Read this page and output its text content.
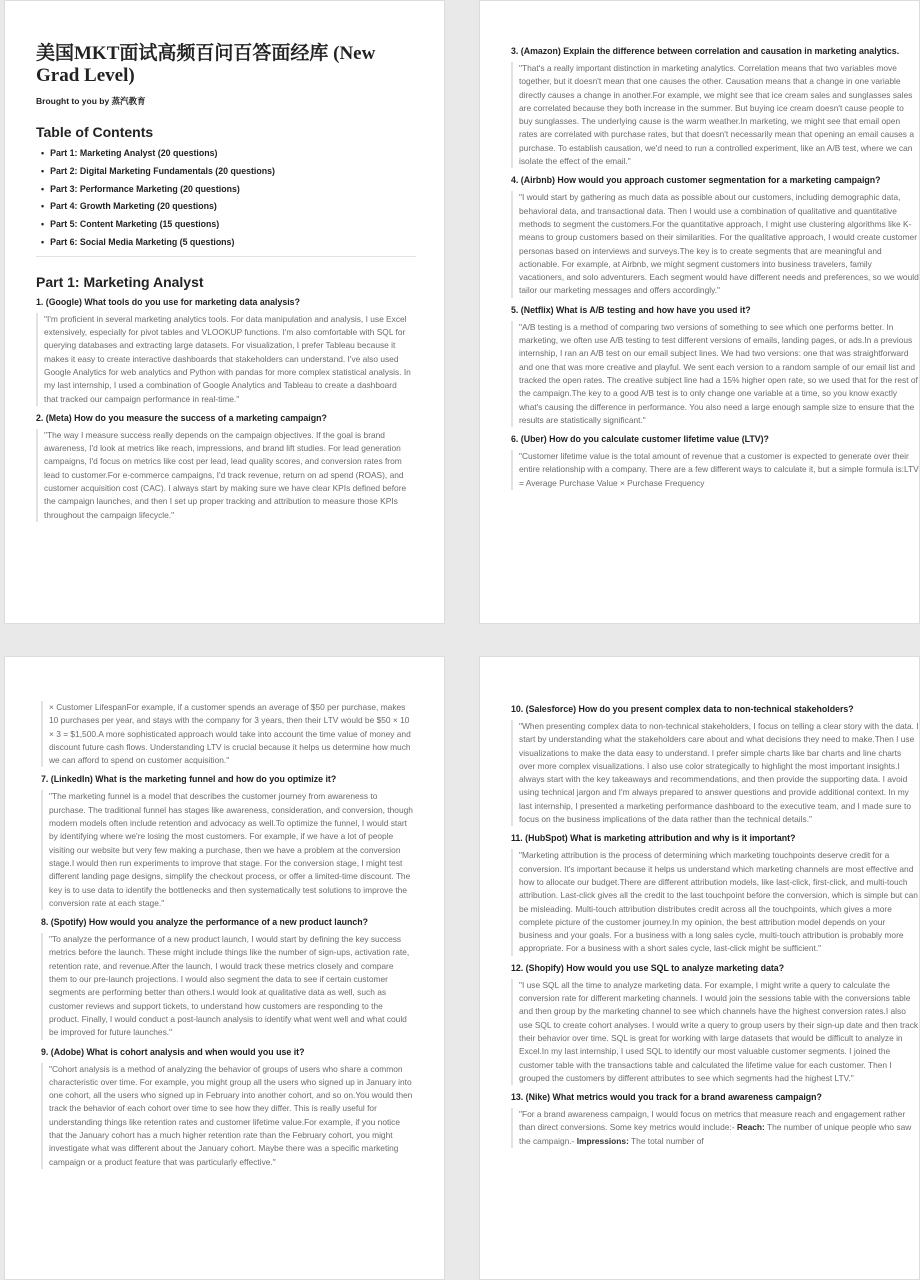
美国MKT面试高频百问百答面经库 (New Grad Level)
Brought to you by 蒸汽教育
Table of Contents
• Part 1: Marketing Analyst (20 questions)
• Part 2: Digital Marketing Fundamentals (20 questions)
• Part 3: Performance Marketing (20 questions)
• Part 4: Growth Marketing (20 questions)
• Part 5: Content Marketing (15 questions)
• Part 6: Social Media Marketing (5 questions)
Part 1: Marketing Analyst
1. (Google) What tools do you use for marketing data analysis?
"I'm proficient in several marketing analytics tools. For data manipulation and analysis, I use Excel extensively, especially for pivot tables and VLOOKUP functions. I'm also comfortable with SQL for querying databases and extracting large datasets. For visualization, I prefer Tableau because it makes it easy to create interactive dashboards that stakeholders can understand. I've also used Google Analytics for web analytics and Python with pandas for more complex statistical analysis. In my last internship, I used a combination of Google Analytics and Tableau to create a dashboard that tracked our campaign performance in real-time."
2. (Meta) How do you measure the success of a marketing campaign?
"The way I measure success really depends on the campaign objectives. If the goal is brand awareness, I'd look at metrics like reach, impressions, and brand lift studies. For lead generation campaigns, I'd focus on metrics like cost per lead, lead quality scores, and conversion rates from lead to customer.For e-commerce campaigns, I'd track revenue, return on ad spend (ROAS), and customer acquisition cost (CAC). I always start by making sure we have clear KPIs defined before the campaign launches, and then I set up proper tracking and attribution to measure those KPIs throughout the campaign lifecycle."
3. (Amazon) Explain the difference between correlation and causation in marketing analytics.
"That's a really important distinction in marketing analytics. Correlation means that two variables move together, but it doesn't mean that one causes the other. Causation means that a change in one variable directly causes a change in another.For example, we might see that ice cream sales and sunglasses sales are correlated because they both increase in the summer. But buying ice cream doesn't cause people to buy sunglasses. The underlying cause is the warm weather.In marketing, we might see that email open rates are correlated with purchase rates, but that doesn't necessarily mean that opening an email causes a purchase. To establish causation, we'd need to run a controlled experiment, like an A/B test, where we can isolate the effect of the email."
4. (Airbnb) How would you approach customer segmentation for a marketing campaign?
"I would start by gathering as much data as possible about our customers, including demographic data, behavioral data, and transactional data. Then I would use a combination of qualitative and quantitative methods to segment the customers.For the quantitative approach, I might use clustering algorithms like K-means to group customers based on their similarities. For the qualitative approach, I would create customer personas based on interviews and surveys.The key is to create segments that are meaningful and actionable. For example, at Airbnb, we might segment customers into business travelers, family vacationers, and solo adventurers. Each segment would have different needs and preferences, so we would tailor our marketing messages and offers accordingly."
5. (Netflix) What is A/B testing and how have you used it?
"A/B testing is a method of comparing two versions of something to see which one performs better. In marketing, we often use A/B testing to test different versions of emails, landing pages, or ads.In a previous internship, I ran an A/B test on our email subject lines. We had two versions: one that was straightforward and one that was more creative and playful. We sent each version to a random sample of our email list and tracked the open rates. The creative subject line had a 15% higher open rate, so we used that for the rest of the campaign.The key to a good A/B test is to only change one variable at a time, so you know exactly what's causing the difference in performance. You also need a large enough sample size to ensure that the results are statistically significant."
6. (Uber) How do you calculate customer lifetime value (LTV)?
"Customer lifetime value is the total amount of revenue that a customer is expected to generate over their entire relationship with a company. There are a few different ways to calculate it, but a simple formula is:LTV = Average Purchase Value × Purchase Frequency
× Customer LifespanFor example, if a customer spends an average of $50 per purchase, makes 10 purchases per year, and stays with the company for 3 years, then their LTV would be $50 × 10 × 3 = $1,500.A more sophisticated approach would take into account the time value of money and discount future cash flows. Understanding LTV is crucial because it helps us determine how much we can afford to spend on customer acquisition."
7. (LinkedIn) What is the marketing funnel and how do you optimize it?
"The marketing funnel is a model that describes the customer journey from awareness to purchase. The traditional funnel has stages like awareness, consideration, and conversion, though modern models often include retention and advocacy as well.To optimize the funnel, I would start by identifying where we're losing the most customers. For example, if we have a lot of people visiting our website but very few making a purchase, then we have a problem at the conversion stage.I would then run experiments to improve that stage. For the conversion stage, I might test different landing page designs, simplify the checkout process, or offer a limited-time discount. The key is to use data to identify the bottlenecks and then systematically test solutions to improve the conversion rate at each stage."
8. (Spotify) How would you analyze the performance of a new product launch?
"To analyze the performance of a new product launch, I would start by defining the key success metrics before the launch. These might include things like the number of sign-ups, activation rate, retention rate, and revenue.After the launch, I would track these metrics closely and compare them to our pre-launch projections. I would also segment the data to see if certain customer segments are performing better than others.I would look at qualitative data as well, such as customer reviews and support tickets, to understand how customers are responding to the product. Finally, I would conduct a post-launch analysis to identify what went well and what could be improved for future launches."
9. (Adobe) What is cohort analysis and when would you use it?
"Cohort analysis is a method of analyzing the behavior of groups of users who share a common characteristic over time. For example, you might group all the users who signed up in January into one cohort, all the users who signed up in February into another cohort, and so on.You would then track the behavior of each cohort over time to see how they differ. This is really useful for understanding things like retention rates and customer lifetime value.For example, if you notice that the January cohort has a much higher retention rate than the February cohort, you might investigate what was different about the January cohort. Maybe there was a specific marketing campaign or a product feature that was particularly effective."
10. (Salesforce) How do you present complex data to non-technical stakeholders?
"When presenting complex data to non-technical stakeholders, I focus on telling a clear story with the data. I start by understanding what the stakeholders care about and what decisions they need to make.Then I use visualizations to make the data easy to understand. I prefer simple charts like bar charts and line charts over more complex visualizations. I also use color strategically to highlight the most important insights.I always start with the key takeaways and recommendations, and then provide the supporting data. I avoid using technical jargon and I'm always prepared to answer questions and provide additional context. In my last internship, I presented a marketing performance dashboard to the executive team, and I made sure to focus on the business implications of the data rather than the technical details."
11. (HubSpot) What is marketing attribution and why is it important?
"Marketing attribution is the process of determining which marketing touchpoints deserve credit for a conversion. It's important because it helps us understand which marketing channels are most effective and how to allocate our budget.There are different attribution models, like last-click, first-click, and multi-touch attribution. Last-click gives all the credit to the last touchpoint before the conversion, which is simple but can be misleading. Multi-touch attribution distributes credit across all the touchpoints, which gives a more complete picture of the customer journey.In my opinion, the best attribution model depends on your business and your goals. For a business with a long sales cycle, multi-touch attribution is probably more appropriate. For a business with a short sales cycle, last-click might be sufficient."
12. (Shopify) How would you use SQL to analyze marketing data?
"I use SQL all the time to analyze marketing data. For example, I might write a query to calculate the conversion rate for different marketing channels. I would join the sessions table with the conversions table and then group by the marketing channel to see which channels have the highest conversion rates.I also use SQL to create cohort analyses. I would write a query to group users by their sign-up date and then track their behavior over time. SQL is great for working with large datasets that would be difficult to analyze in Excel.In my last internship, I used SQL to identify our most valuable customer segments. I joined the customer table with the transactions table and calculated the lifetime value for each customer. Then I grouped the customers by different attributes to see which segments had the highest LTV."
13. (Nike) What metrics would you track for a brand awareness campaign?
"For a brand awareness campaign, I would focus on metrics that measure reach and engagement rather than direct conversions. Some key metrics would include:- Reach: The number of unique people who saw the campaign.- Impressions: The total number of
